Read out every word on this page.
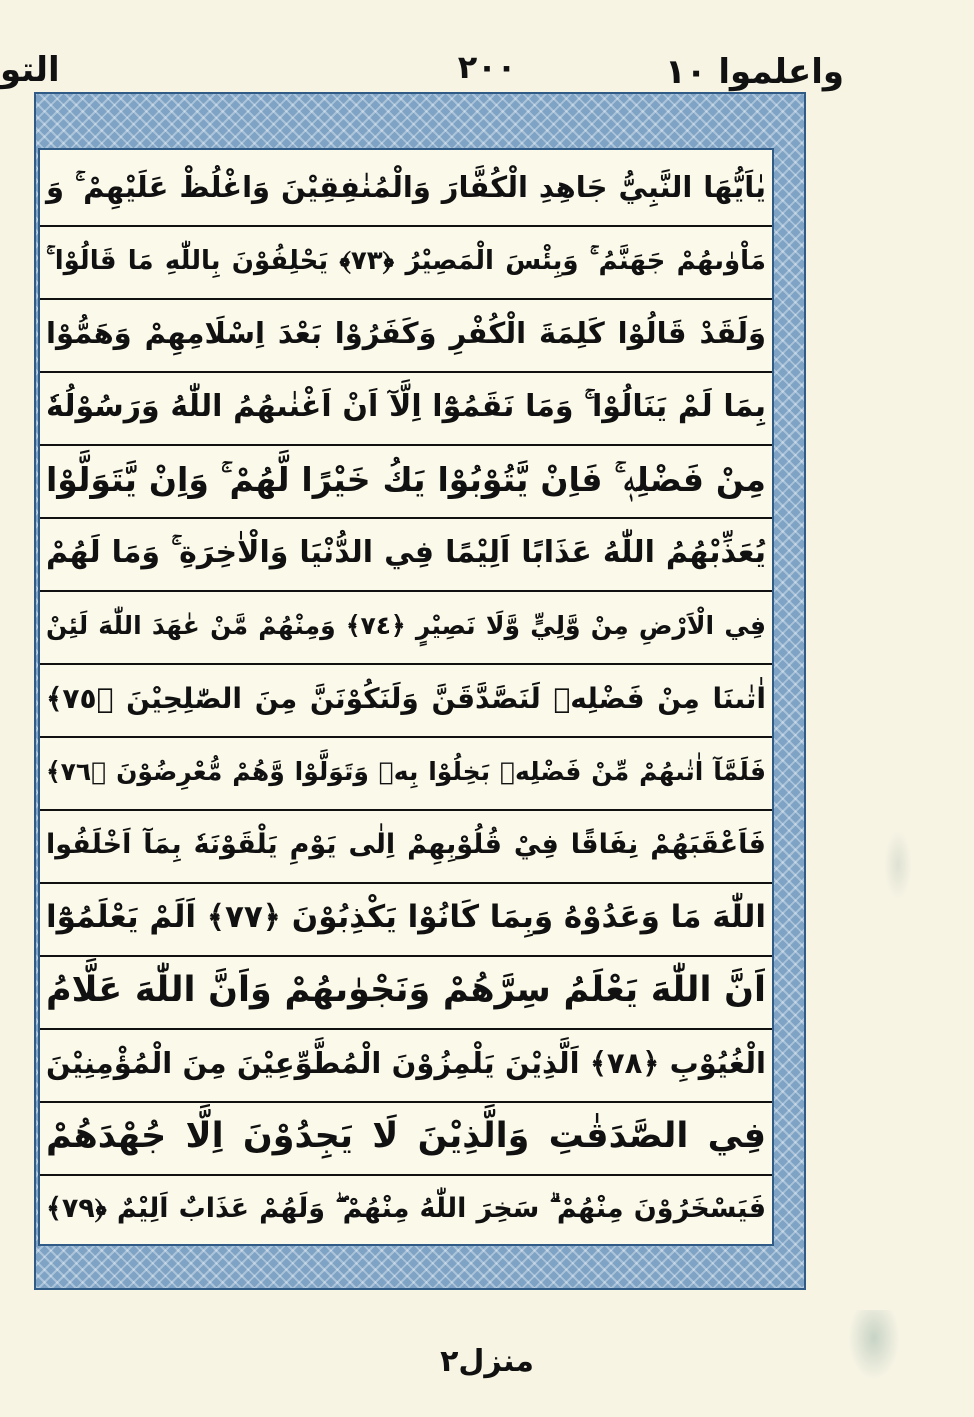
واعلموا ١٠
٢٠٠
التو
يٰاَيُّهَا النَّبِيُّ جَاهِدِ الْكُفَّارَ وَالْمُنٰفِقِيْنَ وَاغْلُظْ عَلَيْهِمْ ۚ وَ
مَاْوٰىهُمْ جَهَنَّمُ ۚ وَبِئْسَ الْمَصِيْرُ ﴿٧٣﴾ يَحْلِفُوْنَ بِاللّٰهِ مَا قَالُوْا ۚ
وَلَقَدْ قَالُوْا كَلِمَةَ الْكُفْرِ وَكَفَرُوْا بَعْدَ اِسْلَامِهِمْ وَهَمُّوْا
بِمَا لَمْ يَنَالُوْا ۚ وَمَا نَقَمُوْٓا اِلَّآ اَنْ اَغْنٰىهُمُ اللّٰهُ وَرَسُوْلُهٗ
مِنْ فَضْلِهٖ ۚ فَاِنْ يَّتُوْبُوْا يَكُ خَيْرًا لَّهُمْ ۚ وَاِنْ يَّتَوَلَّوْا
يُعَذِّبْهُمُ اللّٰهُ عَذَابًا اَلِيْمًا فِي الدُّنْيَا وَالْاٰخِرَةِ ۚ وَمَا لَهُمْ
فِي الْاَرْضِ مِنْ وَّلِيٍّ وَّلَا نَصِيْرٍ ﴿٧٤﴾ وَمِنْهُمْ مَّنْ عٰهَدَ اللّٰهَ لَئِنْ
اٰتٰىنَا مِنْ فَضْلِهٖ لَنَصَّدَّقَنَّ وَلَنَكُوْنَنَّ مِنَ الصّٰلِحِيْنَ ﴿٧٥﴾
فَلَمَّآ اٰتٰىهُمْ مِّنْ فَضْلِهٖ بَخِلُوْا بِهٖ وَتَوَلَّوْا وَّهُمْ مُّعْرِضُوْنَ ﴿٧٦﴾
فَاَعْقَبَهُمْ نِفَاقًا فِيْ قُلُوْبِهِمْ اِلٰى يَوْمِ يَلْقَوْنَهٗ بِمَآ اَخْلَفُوا
اللّٰهَ مَا وَعَدُوْهُ وَبِمَا كَانُوْا يَكْذِبُوْنَ ﴿٧٧﴾ اَلَمْ يَعْلَمُوْٓا
اَنَّ اللّٰهَ يَعْلَمُ سِرَّهُمْ وَنَجْوٰىهُمْ وَاَنَّ اللّٰهَ عَلَّامُ
الْغُيُوْبِ ﴿٧٨﴾ اَلَّذِيْنَ يَلْمِزُوْنَ الْمُطَّوِّعِيْنَ مِنَ الْمُؤْمِنِيْنَ
فِي الصَّدَقٰتِ وَالَّذِيْنَ لَا يَجِدُوْنَ اِلَّا جُهْدَهُمْ
فَيَسْخَرُوْنَ مِنْهُمْ ۗ سَخِرَ اللّٰهُ مِنْهُمْ ۖ وَلَهُمْ عَذَابٌ اَلِيْمٌ ﴿٧٩﴾
منزل٢
